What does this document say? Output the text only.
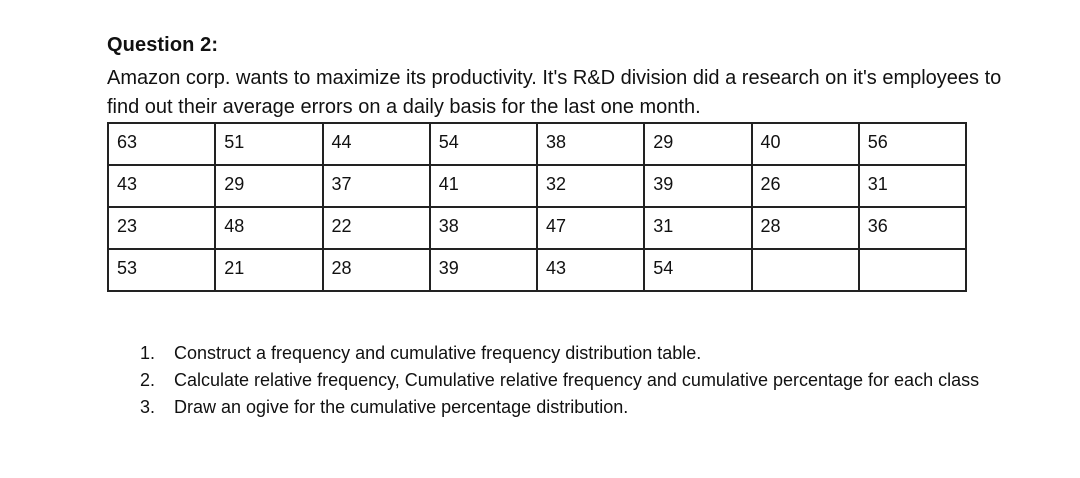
Question 2:
Amazon corp. wants to maximize its productivity. It's R&D division did a research on it's employees to find out their average errors on a daily basis for the last one month.
63	51	44	54	38	29	40	56
43	29	37	41	32	39	26	31
23	48	22	38	47	31	28	36
53	21	28	39	43	54		
1.	Construct a frequency and cumulative frequency distribution table.
2.	Calculate relative frequency, Cumulative relative frequency and cumulative percentage for each class
3.	Draw an ogive for the cumulative percentage distribution.
